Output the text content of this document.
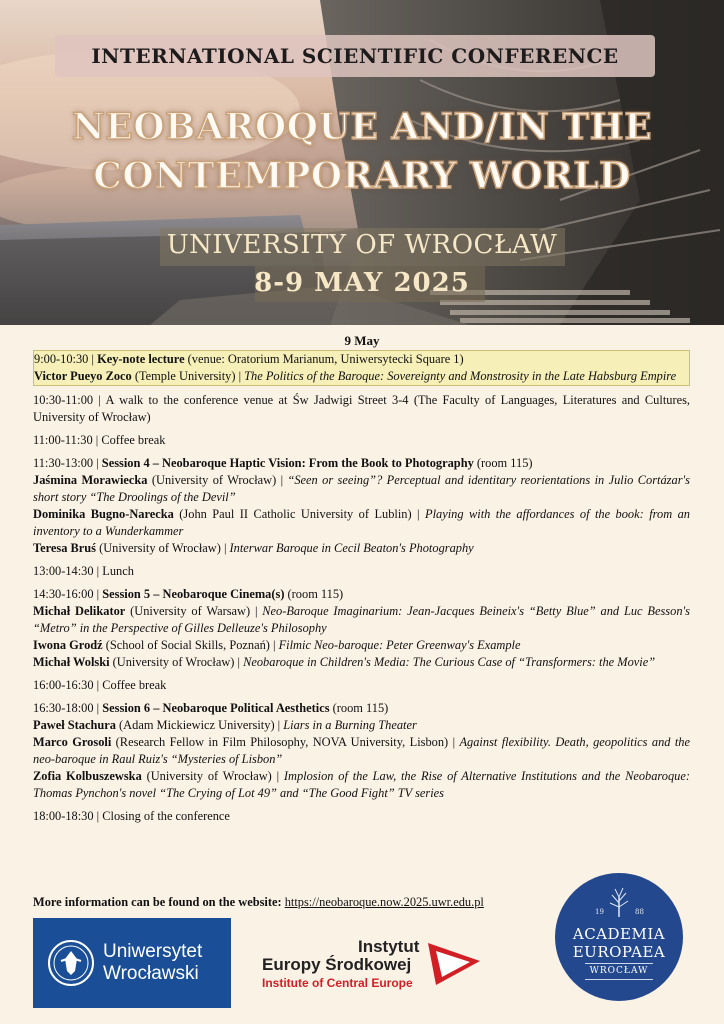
INTERNATIONAL SCIENTIFIC CONFERENCE
NEOBAROQUE AND/IN THE
CONTEMPORARY WORLD
UNIVERSITY OF WROCŁAW
8-9 MAY 2025
9 May

9:00-10:30 | Key-note lecture (venue: Oratorium Marianum, Uniwersytecki Square 1)

Victor Pueyo Zoco (Temple University) | The Politics of the Baroque: Sovereignty and Monstrosity in the Late Habsburg Empire

10:30-11:00 | A walk to the conference venue at Św Jadwigi Street 3-4 (The Faculty of Languages, Literatures and Cultures, University of Wrocław)

11:00-11:30 | Coffee break

11:30-13:00 | Session 4 – Neobaroque Haptic Vision: From the Book to Photography (room 115)

Jaśmina Morawiecka (University of Wrocław) | “Seen or seeing”? Perceptual and identitary reorientations in Julio Cortázar's short story “The Droolings of the Devil”

Dominika Bugno-Narecka (John Paul II Catholic University of Lublin) | Playing with the affordances of the book: from an inventory to a Wunderkammer

Teresa Bruś (University of Wrocław) | Interwar Baroque in Cecil Beaton's Photography

13:00-14:30 | Lunch

14:30-16:00 | Session 5 – Neobaroque Cinema(s) (room 115)

Michał Delikator (University of Warsaw) | Neo-Baroque Imaginarium: Jean-Jacques Beineix's “Betty Blue” and Luc Besson's “Metro” in the Perspective of Gilles Delleuze's Philosophy

Iwona Grodź (School of Social Skills, Poznań) | Filmic Neo-baroque: Peter Greenway's Example

Michał Wolski (University of Wrocław) | Neobaroque in Children's Media: The Curious Case of “Transformers: the Movie”

16:00-16:30 | Coffee break

16:30-18:00 | Session 6 – Neobaroque Political Aesthetics (room 115)

Paweł Stachura (Adam Mickiewicz University) | Liars in a Burning Theater

Marco Grosoli (Research Fellow in Film Philosophy, NOVA University, Lisbon) | Against flexibility. Death, geopolitics and the neo-baroque in Raul Ruiz's “Mysteries of Lisbon”

Zofia Kolbuszewska (University of Wrocław) | Implosion of the Law, the Rise of Alternative Institutions and the Neobaroque: Thomas Pynchon's novel “The Crying of Lot 49” and “The Good Fight” TV series

18:00-18:30 | Closing of the conference

More information can be found on the website: https://neobaroque.now.2025.uwr.edu.pl
Uniwersytet
Wrocławski
Instytut
Europy Środkowej
Institute of Central Europe
19	88
ACADEMIA
EUROPAEA
WROCŁAW
